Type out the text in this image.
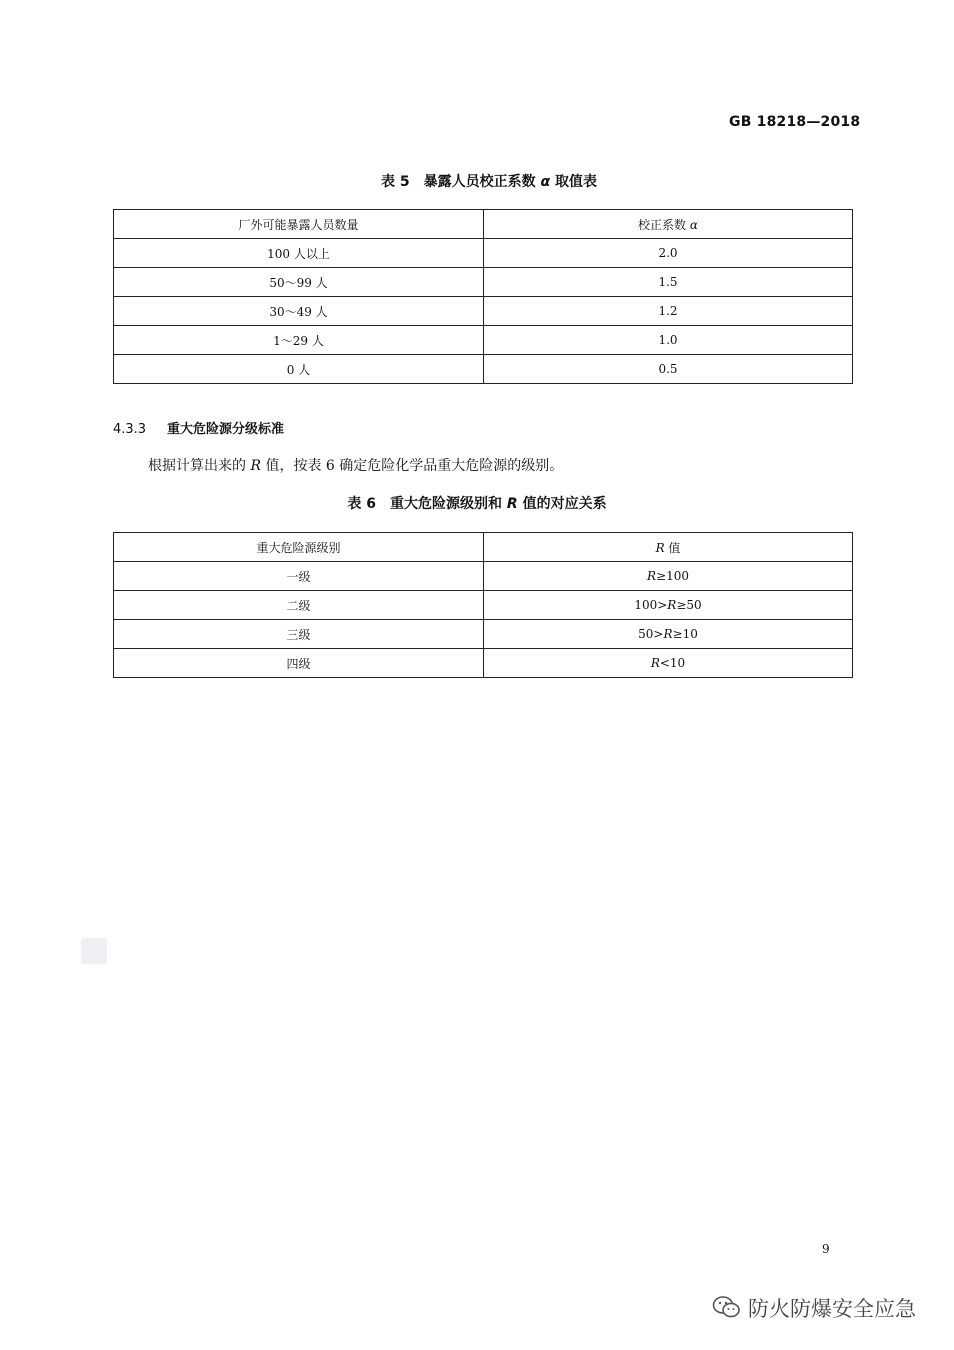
GB 18218—2018
表 5　暴露人员校正系数 α 取值表
厂外可能暴露人员数量	校正系数 α
100 人以上	2.0
50～99 人	1.5
30～49 人	1.2
1～29 人	1.0
0 人	0.5
4.3.3 重大危险源分级标准
根据计算出来的 R 值，按表 6 确定危险化学品重大危险源的级别。
表 6　重大危险源级别和 R 值的对应关系
重大危险源级别	R 值
一级	R≥100
二级	100>R≥50
三级	50>R≥10
四级	R<10
9
防火防爆安全应急
